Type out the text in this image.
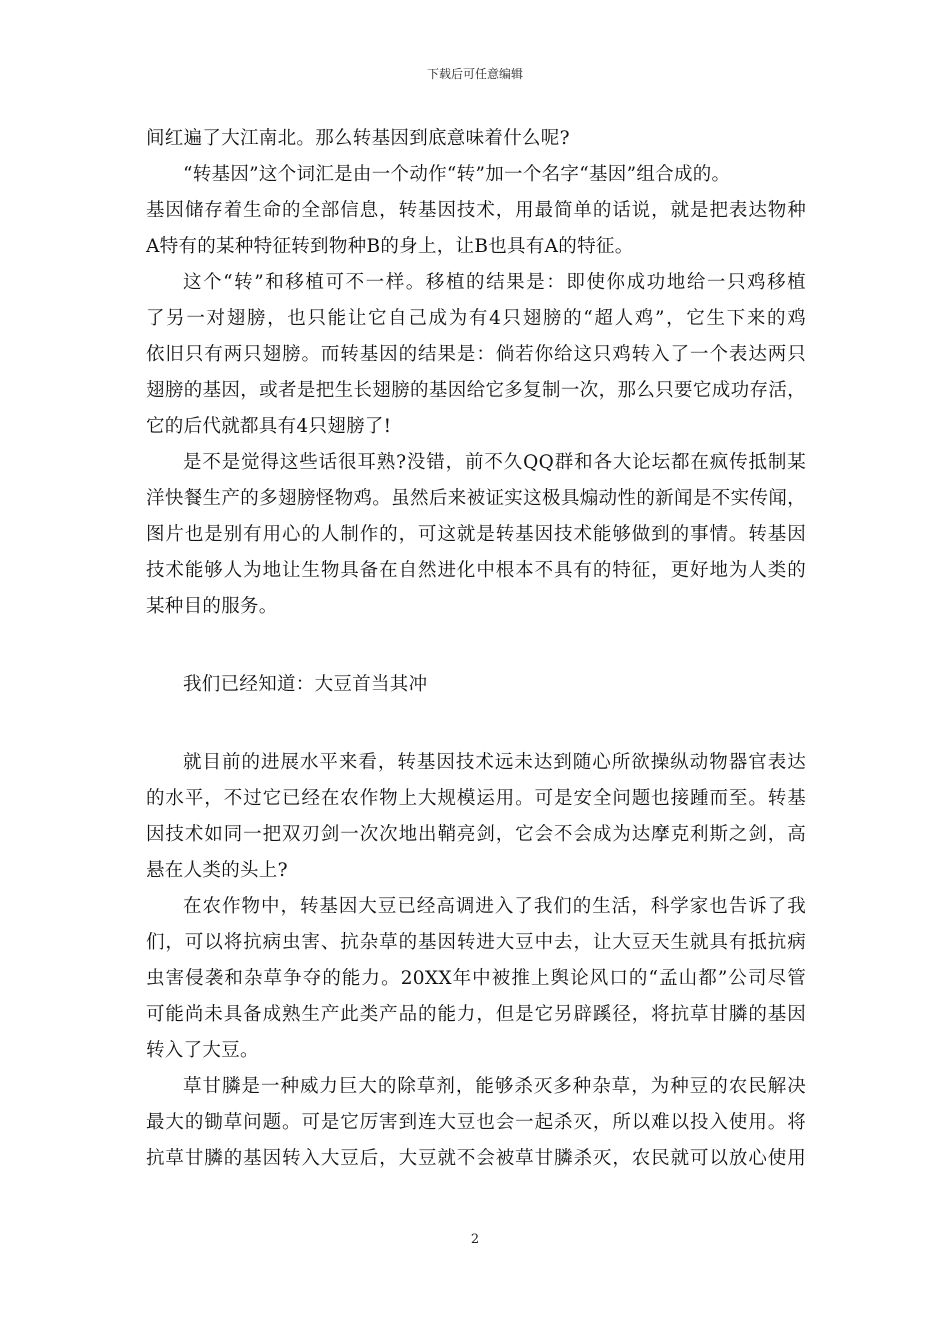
下载后可任意编辑
间红遍了大江南北。那么转基因到底意味着什么呢?
“转基因”这个词汇是由一个动作“转”加一个名字“基因”组合成的。
基因储存着生命的全部信息，转基因技术，用最简单的话说，就是把表达物种
A特有的某种特征转到物种B的身上，让B也具有A的特征。
这个“转”和移植可不一样。移植的结果是：即使你成功地给一只鸡移植
了另一对翅膀，也只能让它自己成为有4只翅膀的“超人鸡”，它生下来的鸡
依旧只有两只翅膀。而转基因的结果是：倘若你给这只鸡转入了一个表达两只
翅膀的基因，或者是把生长翅膀的基因给它多复制一次，那么只要它成功存活，
它的后代就都具有4只翅膀了!
是不是觉得这些话很耳熟?没错，前不久QQ群和各大论坛都在疯传抵制某
洋快餐生产的多翅膀怪物鸡。虽然后来被证实这极具煽动性的新闻是不实传闻，
图片也是别有用心的人制作的，可这就是转基因技术能够做到的事情。转基因
技术能够人为地让生物具备在自然进化中根本不具有的特征，更好地为人类的
某种目的服务。
我们已经知道：大豆首当其冲
就目前的进展水平来看，转基因技术远未达到随心所欲操纵动物器官表达
的水平，不过它已经在农作物上大规模运用。可是安全问题也接踵而至。转基
因技术如同一把双刃剑一次次地出鞘亮剑，它会不会成为达摩克利斯之剑，高
悬在人类的头上?
在农作物中，转基因大豆已经高调进入了我们的生活，科学家也告诉了我
们，可以将抗病虫害、抗杂草的基因转进大豆中去，让大豆天生就具有抵抗病
虫害侵袭和杂草争夺的能力。20XX年中被推上舆论风口的“孟山都”公司尽管
可能尚未具备成熟生产此类产品的能力，但是它另辟蹊径，将抗草甘膦的基因
转入了大豆。
草甘膦是一种威力巨大的除草剂，能够杀灭多种杂草，为种豆的农民解决
最大的锄草问题。可是它厉害到连大豆也会一起杀灭，所以难以投入使用。将
抗草甘膦的基因转入大豆后，大豆就不会被草甘膦杀灭，农民就可以放心使用
2
